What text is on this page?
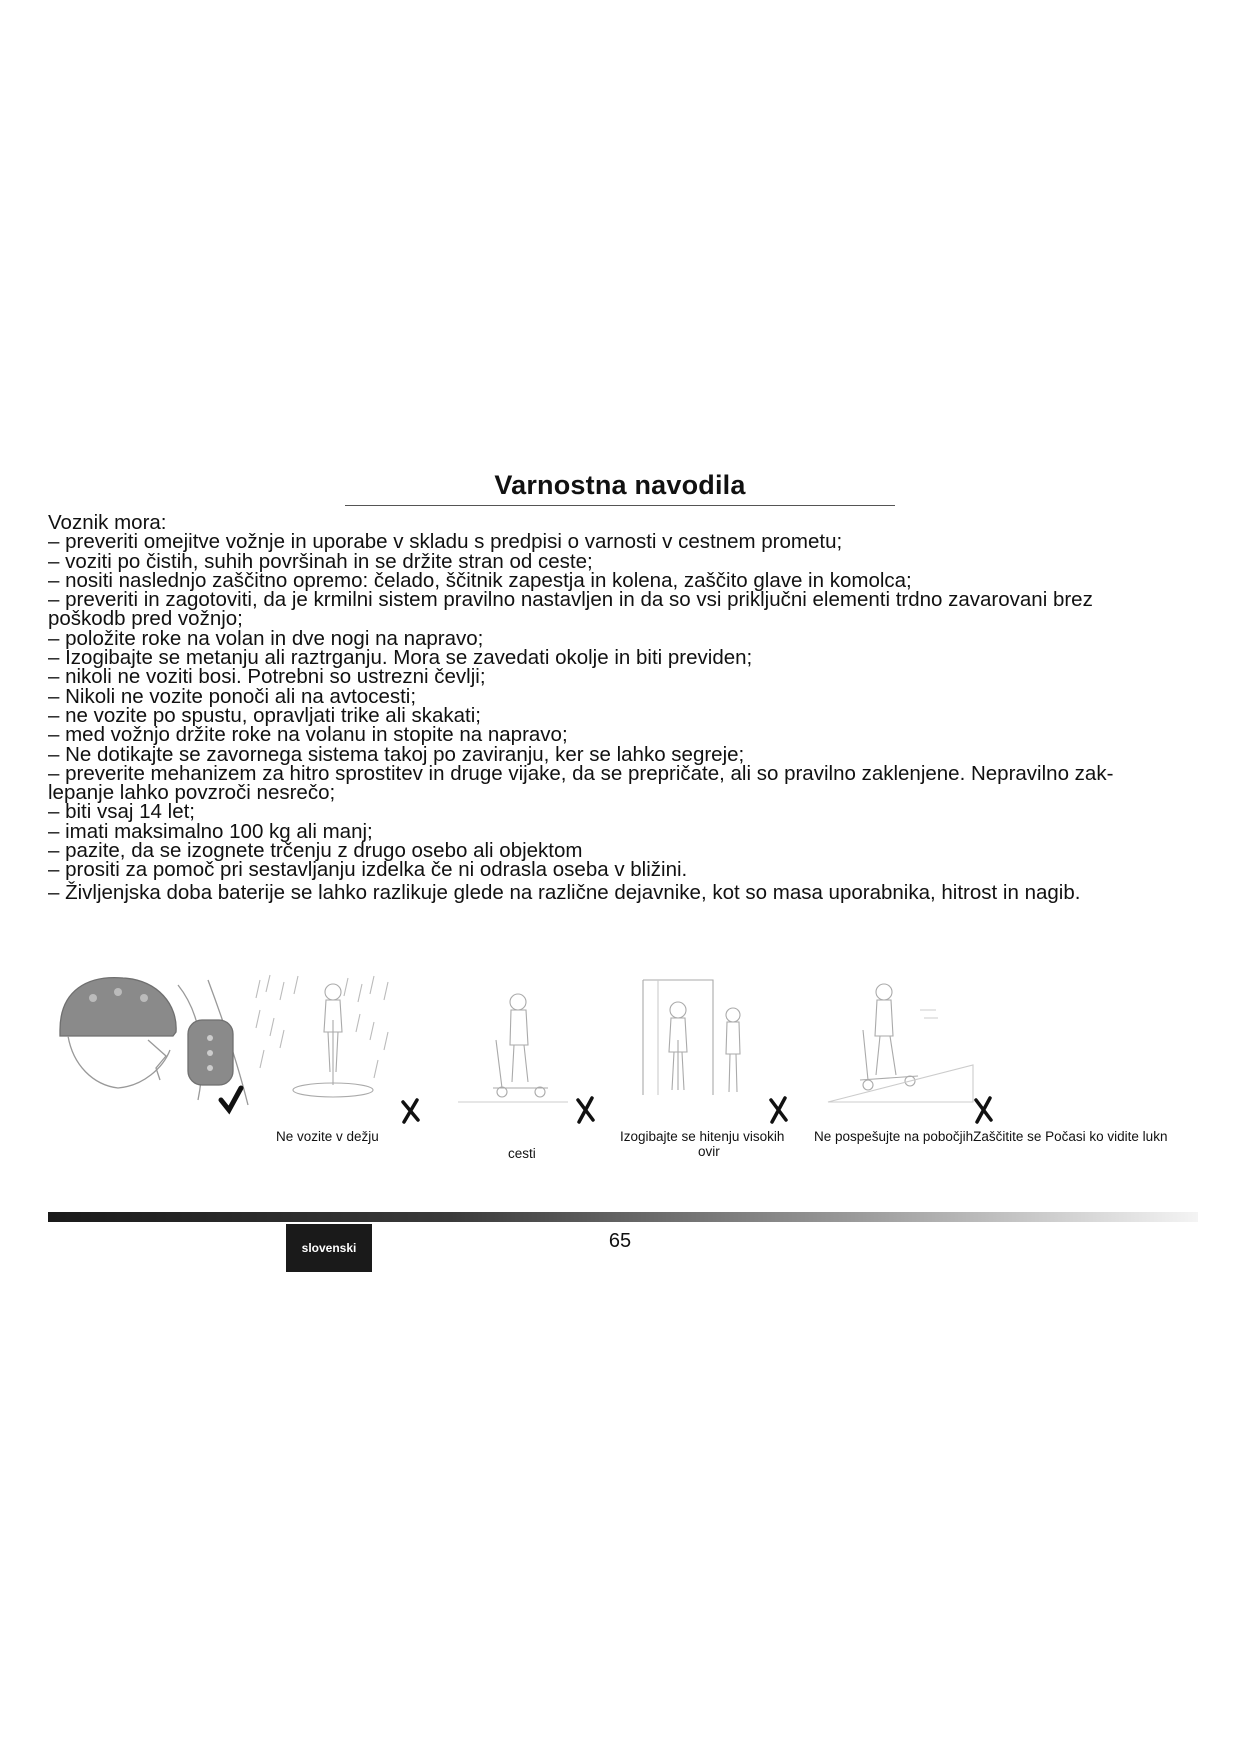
Varnostna navodila
Voznik mora:
– preveriti omejitve vožnje in uporabe v skladu s predpisi o varnosti v cestnem prometu;
– voziti po čistih, suhih površinah in se držite stran od ceste;
– nositi naslednjo zaščitno opremo: čelado, ščitnik zapestja in kolena, zaščito glave in komolca;
– preveriti in zagotoviti, da je krmilni sistem pravilno nastavljen in da so vsi priključni elementi trdno zavarovani brez
poškodb pred vožnjo;
– položite roke na volan in dve nogi na napravo;
– Izogibajte se metanju ali raztrganju. Mora se zavedati okolje in biti previden;
– nikoli ne voziti bosi. Potrebni so ustrezni čevlji;
– Nikoli ne vozite ponoči ali na avtocesti;
– ne vozite po spustu, opravljati trike ali skakati;
– med vožnjo držite roke na volanu in stopite na napravo;
– Ne dotikajte se zavornega sistema takoj po zaviranju, ker se lahko segreje;
– preverite mehanizem za hitro sprostitev in druge vijake, da se prepričate, ali so pravilno zaklenjene. Nepravilno zak-
lepanje lahko povzroči nesrečo;
– biti vsaj 14 let;
– imati maksimalno 100 kg ali manj;
– pazite, da se izognete trčenju z drugo osebo ali objektom
– prositi za pomoč pri sestavljanju izdelka če ni odrasla oseba v bližini.
– Življenjska doba baterije se lahko razlikuje glede na različne dejavnike, kot so masa uporabnika, hitrost in nagib.
Ne vozite v dežju
cesti
Izogibajte se hitenju visokih
ovir
Ne pospešujte na pobočjihZaščitite se Počasi ko vidite lukn
slovenski	65
